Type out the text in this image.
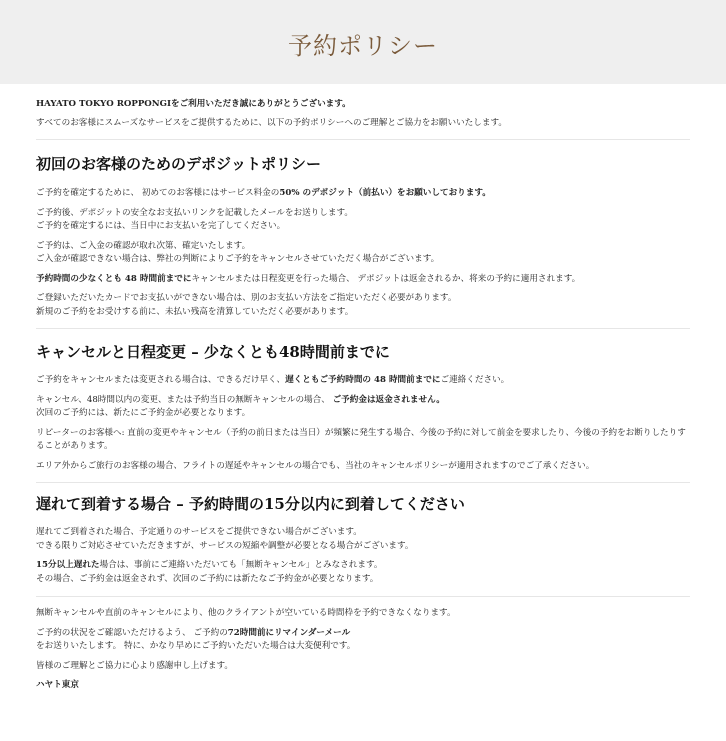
予約ポリシー

HAYATO TOKYO ROPPONGIをご利用いただき誠にありがとうございます。

すべてのお客様にスムーズなサービスをご提供するために、以下の予約ポリシーへのご理解とご協力をお願いいたします。

初回のお客様のためのデポジットポリシー

ご予約を確定するために、 初めてのお客様にはサービス料金の50% のデポジット（前払い）をお願いしております。

ご予約後、デポジットの安全なお支払いリンクを記載したメールをお送りします。
ご予約を確定するには、当日中にお支払いを完了してください。

ご予約は、ご入金の確認が取れ次第、確定いたします。
ご入金が確認できない場合は、弊社の判断によりご予約をキャンセルさせていただく場合がございます。

予約時間の少なくとも 48 時間前までにキャンセルまたは日程変更を行った場合、 デポジットは返金されるか、将来の予約に適用されます。

ご登録いただいたカードでお支払いができない場合は、別のお支払い方法をご指定いただく必要があります。
新規のご予約をお受けする前に、未払い残高を清算していただく必要があります。

キャンセルと日程変更 – 少なくとも48時間前までに

ご予約をキャンセルまたは変更される場合は、できるだけ早く、遅くともご予約時間の 48 時間前までにご連絡ください。

キャンセル、48時間以内の変更、または予約当日の無断キャンセルの場合、 ご予約金は返金されません。
次回のご予約には、新たにご予約金が必要となります。

リピーターのお客様へ: 直前の変更やキャンセル（予約の前日または当日）が頻繁に発生する場合、今後の予約に対して前金を要求したり、今後の予約をお断りしたりすることがあります。

エリア外からご旅行のお客様の場合、フライトの遅延やキャンセルの場合でも、当社のキャンセルポリシーが適用されますのでご了承ください。

遅れて到着する場合 – 予約時間の15分以内に到着してください

遅れてご到着された場合、予定通りのサービスをご提供できない場合がございます。
できる限りご対応させていただきますが、サービスの短縮や調整が必要となる場合がございます。

15分以上遅れた場合は、事前にご連絡いただいても「無断キャンセル」とみなされます。
その場合、ご予約金は返金されず、次回のご予約には新たなご予約金が必要となります。

無断キャンセルや直前のキャンセルにより、他のクライアントが空いている時間枠を予約できなくなります。

ご予約の状況をご確認いただけるよう、 ご予約の72時間前にリマインダーメール
をお送りいたします。 特に、かなり早めにご予約いただいた場合は大変便利です。

皆様のご理解とご協力に心より感謝申し上げます。

ハヤト東京
